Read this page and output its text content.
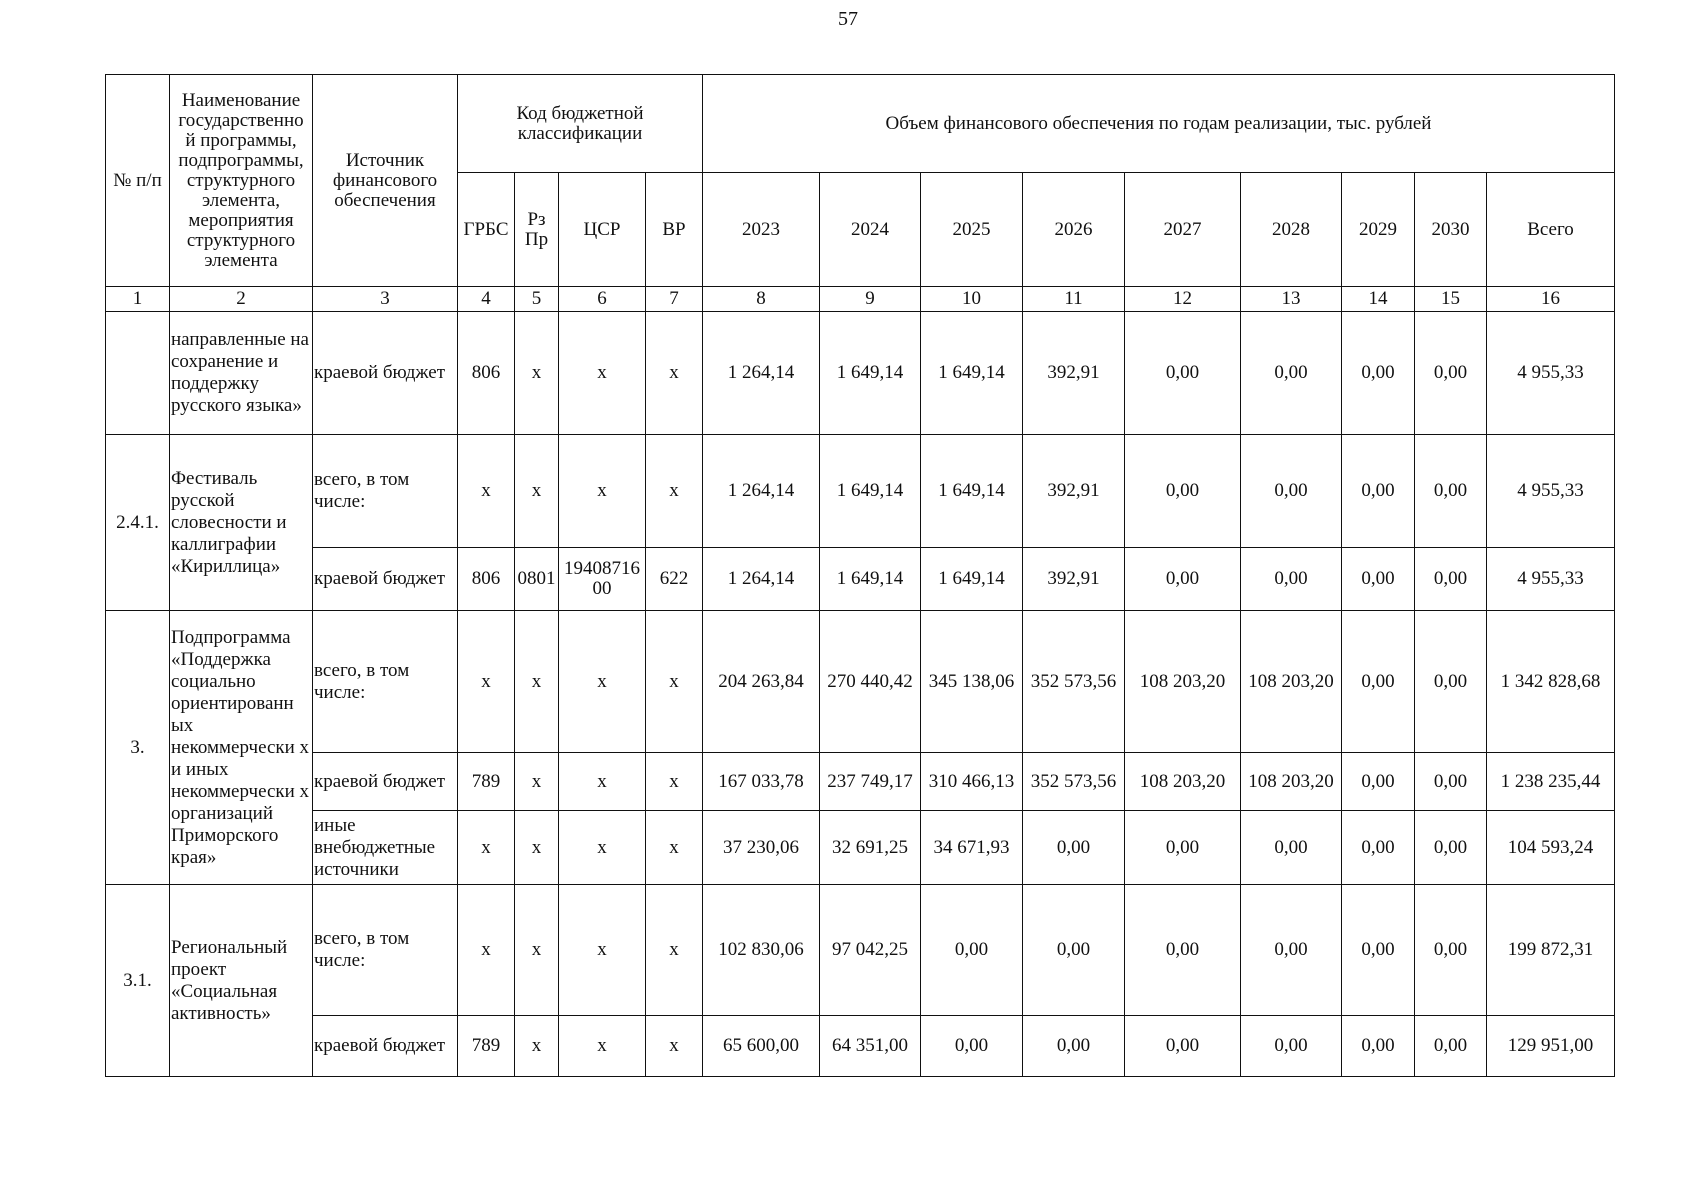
57
№ п/п	Наименование государственно й программы, подпрограммы, структурного элемента, мероприятия структурного элемента	Источник финансового обеспечения	Код бюджетной классификации				Объем финансового обеспечения по годам реализации, тыс. рублей								
			ГРБС	Рз Пр	ЦСР	ВР	2023	2024	2025	2026	2027	2028	2029	2030	Всего
1	2	3	4	5	6	7	8	9	10	11	12	13	14	15	16
	направленные на сохранение и поддержку русского языка»	краевой бюджет	806	х	х	х	1 264,14	1 649,14	1 649,14	392,91	0,00	0,00	0,00	0,00	4 955,33
2.4.1.	Фестиваль русской словесности и каллиграфии «Кириллица»	всего, в том числе:	х	х	х	х	1 264,14	1 649,14	1 649,14	392,91	0,00	0,00	0,00	0,00	4 955,33
		краевой бюджет	806	0801	19408716 00	622	1 264,14	1 649,14	1 649,14	392,91	0,00	0,00	0,00	0,00	4 955,33
3.	Подпрограмма «Поддержка социально ориентированн ых некоммерчески х и иных некоммерчески х организаций Приморского края»	всего, в том числе:	х	х	х	х	204 263,84	270 440,42	345 138,06	352 573,56	108 203,20	108 203,20	0,00	0,00	1 342 828,68
		краевой бюджет	789	х	х	х	167 033,78	237 749,17	310 466,13	352 573,56	108 203,20	108 203,20	0,00	0,00	1 238 235,44
		иные внебюджетные источники	х	х	х	х	37 230,06	32 691,25	34 671,93	0,00	0,00	0,00	0,00	0,00	104 593,24
3.1.	Региональный проект «Социальная активность»	всего, в том числе:	х	х	х	х	102 830,06	97 042,25	0,00	0,00	0,00	0,00	0,00	0,00	199 872,31
		краевой бюджет	789	х	х	х	65 600,00	64 351,00	0,00	0,00	0,00	0,00	0,00	0,00	129 951,00
